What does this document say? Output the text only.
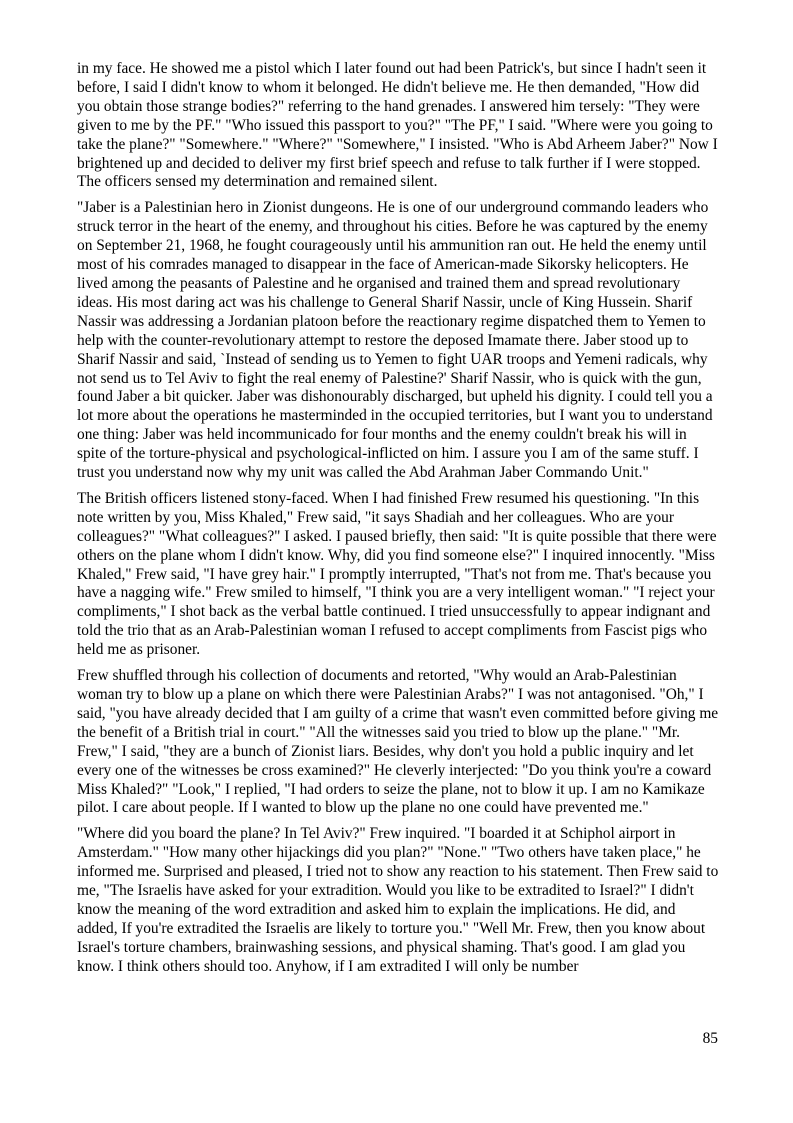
in my face. He showed me a pistol which I later found out had been Patrick's, but since I hadn't seen it before, I said I didn't know to whom it belonged. He didn't believe me. He then demanded, "How did you obtain those strange bodies?" referring to the hand grenades. I answered him tersely: "They were given to me by the PF." "Who issued this passport to you?" "The PF," I said. "Where were you going to take the plane?" "Somewhere." "Where?" "Somewhere," I insisted. "Who is Abd Arheem Jaber?" Now I brightened up and decided to deliver my first brief speech and refuse to talk further if I were stopped. The officers sensed my determination and remained silent.

"Jaber is a Palestinian hero in Zionist dungeons. He is one of our underground commando leaders who struck terror in the heart of the enemy, and throughout his cities. Before he was captured by the enemy on September 21, 1968, he fought courageously until his ammunition ran out. He held the enemy until most of his comrades managed to disappear in the face of American-made Sikorsky helicopters. He lived among the peasants of Palestine and he organised and trained them and spread revolutionary ideas. His most daring act was his challenge to General Sharif Nassir, uncle of King Hussein. Sharif Nassir was addressing a Jordanian platoon before the reactionary regime dispatched them to Yemen to help with the counter-revolutionary attempt to restore the deposed Imamate there. Jaber stood up to Sharif Nassir and said, `Instead of sending us to Yemen to fight UAR troops and Yemeni radicals, why not send us to Tel Aviv to fight the real enemy of Palestine?' Sharif Nassir, who is quick with the gun, found Jaber a bit quicker. Jaber was dishonourably discharged, but upheld his dignity. I could tell you a lot more about the operations he masterminded in the occupied territories, but I want you to understand one thing: Jaber was held incommunicado for four months and the enemy couldn't break his will in spite of the torture-physical and psychological-inflicted on him. I assure you I am of the same stuff. I trust you understand now why my unit was called the Abd Arahman Jaber Commando Unit."

The British officers listened stony-faced. When I had finished Frew resumed his questioning. "In this note written by you, Miss Khaled," Frew said, "it says Shadiah and her colleagues. Who are your colleagues?" "What colleagues?" I asked. I paused briefly, then said: "It is quite possible that there were others on the plane whom I didn't know. Why, did you find someone else?" I inquired innocently. "Miss Khaled," Frew said, "I have grey hair." I promptly interrupted, "That's not from me. That's because you have a nagging wife." Frew smiled to himself, "I think you are a very intelligent woman." "I reject your compliments," I shot back as the verbal battle continued. I tried unsuccessfully to appear indignant and told the trio that as an Arab-Palestinian woman I refused to accept compliments from Fascist pigs who held me as prisoner.

Frew shuffled through his collection of documents and retorted, "Why would an Arab-Palestinian woman try to blow up a plane on which there were Palestinian Arabs?" I was not antagonised. "Oh," I said, "you have already decided that I am guilty of a crime that wasn't even committed before giving me the benefit of a British trial in court." "All the witnesses said you tried to blow up the plane." "Mr. Frew," I said, "they are a bunch of Zionist liars. Besides, why don't you hold a public inquiry and let every one of the witnesses be cross examined?" He cleverly interjected: "Do you think you're a coward Miss Khaled?" "Look," I replied, "I had orders to seize the plane, not to blow it up. I am no Kamikaze pilot. I care about people. If I wanted to blow up the plane no one could have prevented me."

"Where did you board the plane? In Tel Aviv?" Frew inquired. "I boarded it at Schiphol airport in Amsterdam." "How many other hijackings did you plan?" "None." "Two others have taken place," he informed me. Surprised and pleased, I tried not to show any reaction to his statement. Then Frew said to me, "The Israelis have asked for your extradition. Would you like to be extradited to Israel?" I didn't know the meaning of the word extradition and asked him to explain the implications. He did, and added, If you're extradited the Israelis are likely to torture you." "Well Mr. Frew, then you know about Israel's torture chambers, brainwashing sessions, and physical shaming. That's good. I am glad you know. I think others should too. Anyhow, if I am extradited I will only be number

85
